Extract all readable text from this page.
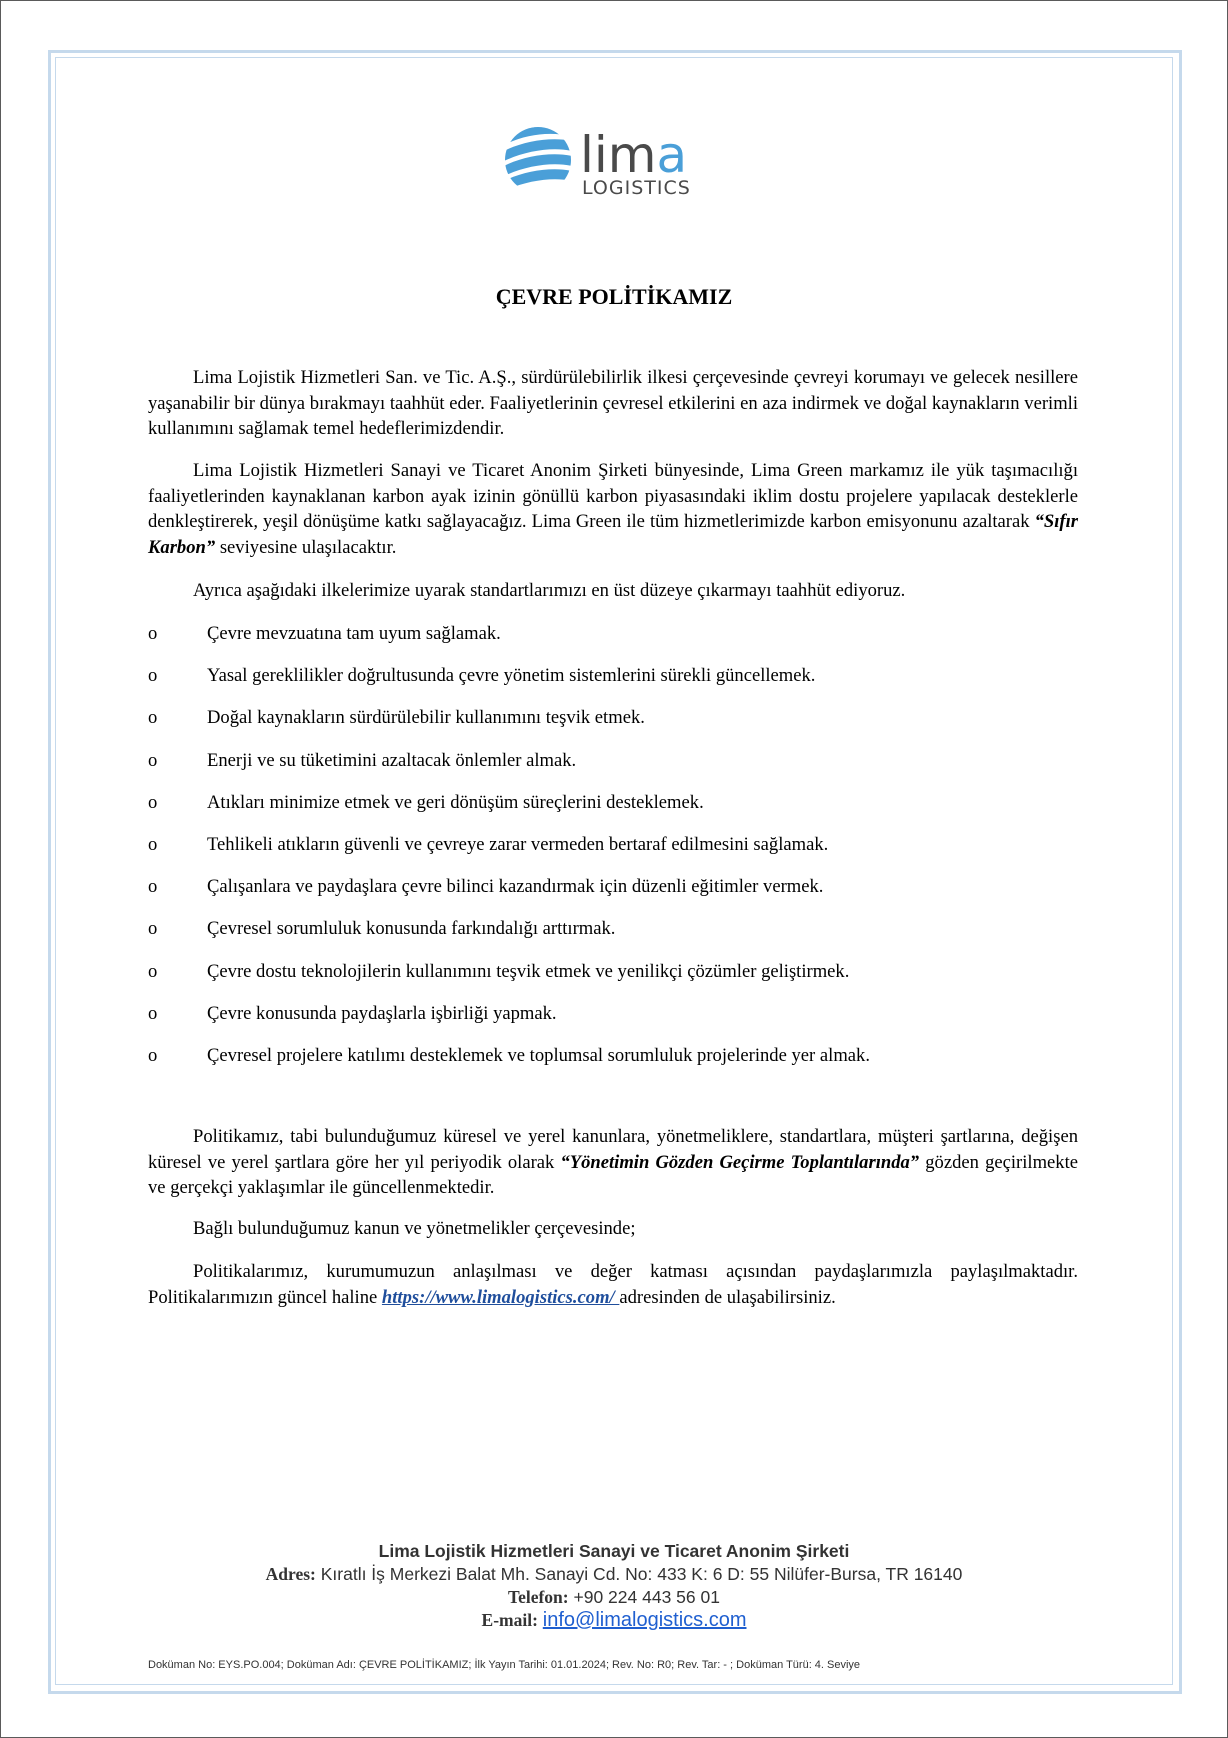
lima
LOGISTICS
ÇEVRE POLİTİKAMIZ

Lima Lojistik Hizmetleri San. ve Tic. A.Ş., sürdürülebilirlik ilkesi çerçevesinde çevreyi korumayı ve gelecek nesillere yaşanabilir bir dünya bırakmayı taahhüt eder. Faaliyetlerinin çevresel etkilerini en aza indirmek ve doğal kaynakların verimli kullanımını sağlamak temel hedeflerimizdendir.

Lima Lojistik Hizmetleri Sanayi ve Ticaret Anonim Şirketi bünyesinde, Lima Green markamız ile yük taşımacılığı faaliyetlerinden kaynaklanan karbon ayak izinin gönüllü karbon piyasasındaki iklim dostu projelere yapılacak desteklerle denkleştirerek, yeşil dönüşüme katkı sağlayacağız. Lima Green ile tüm hizmetlerimizde karbon emisyonunu azaltarak “Sıfır Karbon” seviyesine ulaşılacaktır.

Ayrıca aşağıdaki ilkelerimize uyarak standartlarımızı en üst düzeye çıkarmayı taahhüt ediyoruz.

o	Çevre mevzuatına tam uyum sağlamak.
o	Yasal gereklilikler doğrultusunda çevre yönetim sistemlerini sürekli güncellemek.
o	Doğal kaynakların sürdürülebilir kullanımını teşvik etmek.
o	Enerji ve su tüketimini azaltacak önlemler almak.
o	Atıkları minimize etmek ve geri dönüşüm süreçlerini desteklemek.
o	Tehlikeli atıkların güvenli ve çevreye zarar vermeden bertaraf edilmesini sağlamak.
o	Çalışanlara ve paydaşlara çevre bilinci kazandırmak için düzenli eğitimler vermek.
o	Çevresel sorumluluk konusunda farkındalığı arttırmak.
o	Çevre dostu teknolojilerin kullanımını teşvik etmek ve yenilikçi çözümler geliştirmek.
o	Çevre konusunda paydaşlarla işbirliği yapmak.
o	Çevresel projelere katılımı desteklemek ve toplumsal sorumluluk projelerinde yer almak.

Politikamız, tabi bulunduğumuz küresel ve yerel kanunlara, yönetmeliklere, standartlara, müşteri şartlarına, değişen küresel ve yerel şartlara göre her yıl periyodik olarak “Yönetimin Gözden Geçirme Toplantılarında” gözden geçirilmekte ve gerçekçi yaklaşımlar ile güncellenmektedir.

Bağlı bulunduğumuz kanun ve yönetmelikler çerçevesinde;

Politikalarımız, kurumumuzun anlaşılması ve değer katması açısından paydaşlarımızla paylaşılmaktadır. Politikalarımızın güncel haline https://www.limalogistics.com/ adresinden de ulaşabilirsiniz.

Lima Lojistik Hizmetleri Sanayi ve Ticaret Anonim Şirketi
Adres: Kıratlı İş Merkezi Balat Mh. Sanayi Cd. No: 433 K: 6 D: 55 Nilüfer-Bursa, TR 16140
Telefon: +90 224 443 56 01
E-mail: info@limalogistics.com
Doküman No: EYS.PO.004; Doküman Adı: ÇEVRE POLİTİKAMIZ; İlk Yayın Tarihi: 01.01.2024; Rev. No: R0; Rev. Tar: - ; Doküman Türü: 4. Seviye
